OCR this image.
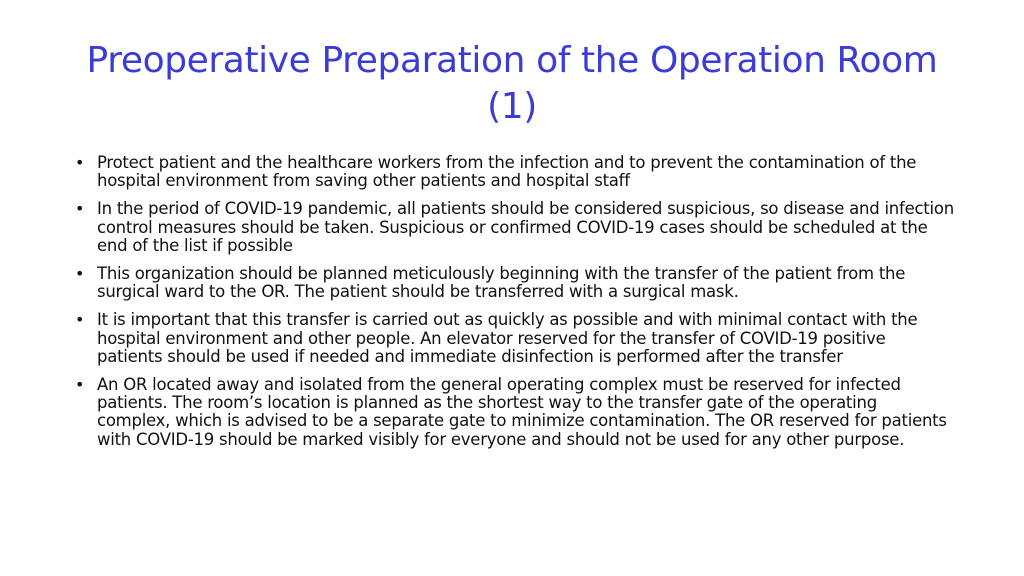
Preoperative Preparation of the Operation Room (1)
• Protect patient and the healthcare workers from the infection and to prevent the contamination of the hospital environment from saving other patients and hospital staff
• In the period of COVID-19 pandemic, all patients should be considered suspicious, so disease and infection control measures should be taken. Suspicious or confirmed COVID-19 cases should be scheduled at the end of the list if possible
• This organization should be planned meticulously beginning with the transfer of the patient from the surgical ward to the OR. The patient should be transferred with a surgical mask.
• It is important that this transfer is carried out as quickly as possible and with minimal contact with the hospital environment and other people. An elevator reserved for the transfer of COVID-19 positive patients should be used if needed and immediate disinfection is performed after the transfer
• An OR located away and isolated from the general operating complex must be reserved for infected patients. The room’s location is planned as the shortest way to the transfer gate of the operating complex, which is advised to be a separate gate to minimize contamination. The OR reserved for patients with COVID-19 should be marked visibly for everyone and should not be used for any other purpose.
